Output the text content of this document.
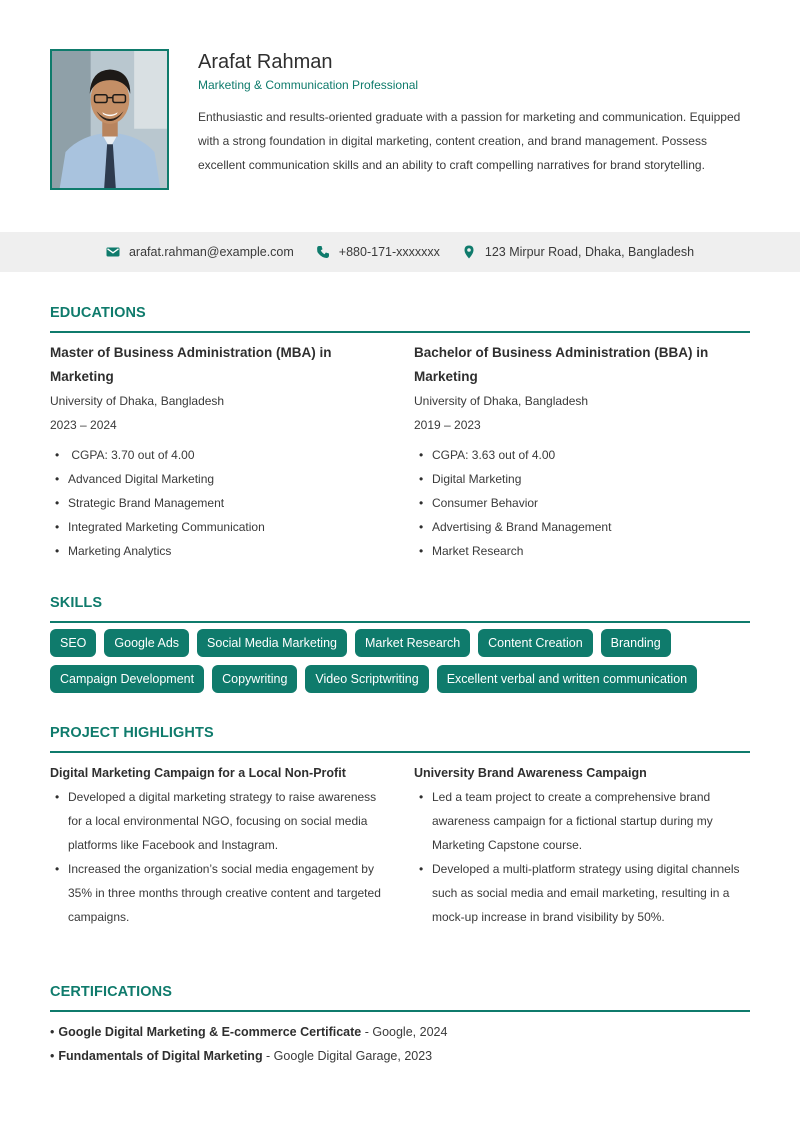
Arafat Rahman
Marketing & Communication Professional
Enthusiastic and results-oriented graduate with a passion for marketing and communication. Equipped with a strong foundation in digital marketing, content creation, and brand management. Possess excellent communication skills and an ability to craft compelling narratives for brand storytelling.
arafat.rahman@example.com	+880-171-xxxxxxx	123 Mirpur Road, Dhaka, Bangladesh
EDUCATIONS
Master of Business Administration (MBA) in Marketing
University of Dhaka, Bangladesh
2023 – 2024
•  CGPA: 3.70 out of 4.00
• Advanced Digital Marketing
• Strategic Brand Management
• Integrated Marketing Communication
• Marketing Analytics
Bachelor of Business Administration (BBA) in Marketing
University of Dhaka, Bangladesh
2019 – 2023
• CGPA: 3.63 out of 4.00
• Digital Marketing
• Consumer Behavior
• Advertising & Brand Management
• Market Research
SKILLS
SEO	Google Ads	Social Media Marketing	Market Research	Content Creation	Branding
Campaign Development	Copywriting	Video Scriptwriting	Excellent verbal and written communication
PROJECT HIGHLIGHTS
Digital Marketing Campaign for a Local Non-Profit
• Developed a digital marketing strategy to raise awareness for a local environmental NGO, focusing on social media platforms like Facebook and Instagram.
• Increased the organization’s social media engagement by 35% in three months through creative content and targeted campaigns.
University Brand Awareness Campaign
• Led a team project to create a comprehensive brand awareness campaign for a fictional startup during my Marketing Capstone course.
• Developed a multi-platform strategy using digital channels such as social media and email marketing, resulting in a mock-up increase in brand visibility by 50%.
CERTIFICATIONS
• Google Digital Marketing & E-commerce Certificate - Google, 2024
• Fundamentals of Digital Marketing - Google Digital Garage, 2023
